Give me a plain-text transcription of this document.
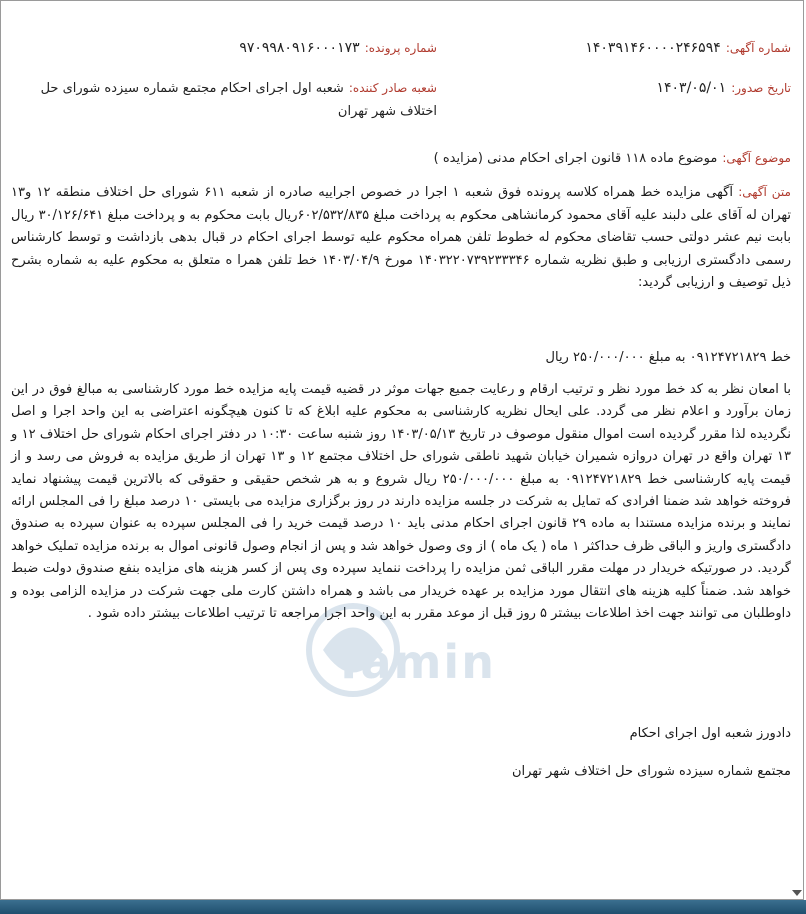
شماره آگهی: ۱۴۰۳۹۱۴۶۰۰۰۰۲۴۶۵۹۴
شماره پرونده: ۹۷۰۹۹۸۰۹۱۶۰۰۰۱۷۳
تاریخ صدور: ۱۴۰۳/۰۵/۰۱
شعبه صادر کننده: شعبه اول اجرای احکام مجتمع شماره سیزده شورای حل اختلاف شهر تهران
موضوع آگهی: موضوع ماده ۱۱۸ قانون اجرای احکام مدنی (مزایده )
متن آگهی: آگهی مزایده خط همراه کلاسه پرونده فوق شعبه ۱ اجرا در خصوص اجراییه صادره از شعبه ۶۱۱ شورای حل اختلاف منطقه ۱۲ و۱۳ تهران له آقای علی دلبند علیه آقای محمود کرمانشاهی محکوم به پرداخت مبلغ ۶۰۲/۵۳۲/۸۳۵ریال بابت محکوم به و پرداخت مبلغ ۳۰/۱۲۶/۶۴۱ ریال بابت نیم عشر دولتی حسب تقاضای محکوم له خطوط تلفن همراه محکوم علیه توسط اجرای احکام در قبال بدهی بازداشت و توسط کارشناس رسمی دادگستری ارزیابی و طبق نظریه شماره ۱۴۰۳۲۲۰۷۳۹۲۳۳۳۴۶ مورخ ۱۴۰۳/۰۴/۹ خط تلفن همرا ه متعلق به محکوم علیه به شماره بشرح ذیل توصیف و ارزیابی گردید:
خط ۰۹۱۲۴۷۲۱۸۲۹ به مبلغ ۲۵۰/۰۰۰/۰۰۰ ریال
با امعان نظر به کد خط مورد نظر و ترتیب ارقام و رعایت جمیع جهات موثر در قضیه قیمت پایه مزایده خط مورد کارشناسی به مبالغ فوق در این زمان برآورد و اعلام نظر می گردد. علی ایحال نظریه کارشناسی به محکوم علیه ابلاغ که تا کنون هیچگونه اعتراضی به این واحد اجرا و اصل نگردیده لذا مقرر گردیده است اموال منقول موصوف در تاریخ ۱۴۰۳/۰۵/۱۳ روز شنبه ساعت ۱۰:۳۰ در دفتر اجرای احکام شورای حل اختلاف ۱۲ و ۱۳ تهران واقع در تهران دروازه شمیران خیابان شهید ناطقی شورای حل اختلاف مجتمع ۱۲ و ۱۳ تهران از طریق مزایده به فروش می رسد و از قیمت پایه کارشناسی خط ۰۹۱۲۴۷۲۱۸۲۹ به مبلغ ۲۵۰/۰۰۰/۰۰۰ ریال شروع و به هر شخص حقیقی و حقوقی که بالاترین قیمت پیشنهاد نماید فروخته خواهد شد ضمنا افرادی که تمایل به شرکت در جلسه مزایده دارند در روز برگزاری مزایده می بایستی ۱۰ درصد مبلغ را فی المجلس ارائه نمایند و برنده مزایده مستندا به ماده ۲۹ قانون اجرای احکام مدنی باید ۱۰ درصد قیمت خرید را فی المجلس سپرده به عنوان سپرده به صندوق دادگستری واریز و الباقی ظرف حداکثر ۱ ماه ( یک ماه ) از وی وصول خواهد شد و پس از انجام وصول قانونی اموال به برنده مزایده تملیک خواهد گردید. در صورتیکه خریدار در مهلت مقرر الباقی ثمن مزایده را پرداخت ننماید سپرده وی پس از کسر هزینه های مزایده بنفع صندوق دولت ضبط خواهد شد. ضمناً کلیه هزینه های انتقال مورد مزایده بر عهده خریدار می باشد و همراه داشتن کارت ملی جهت شرکت در مزایده الزامی بوده و داوطلبان می توانند جهت اخذ اطلاعات بیشتر ۵ روز قبل از موعد مقرر به این واحد اجرا مراجعه تا ترتیب اطلاعات بیشتر داده شود .
دادورز شعبه اول اجرای احکام
مجتمع شماره سیزده شورای حل اختلاف شهر تهران
Tamin
